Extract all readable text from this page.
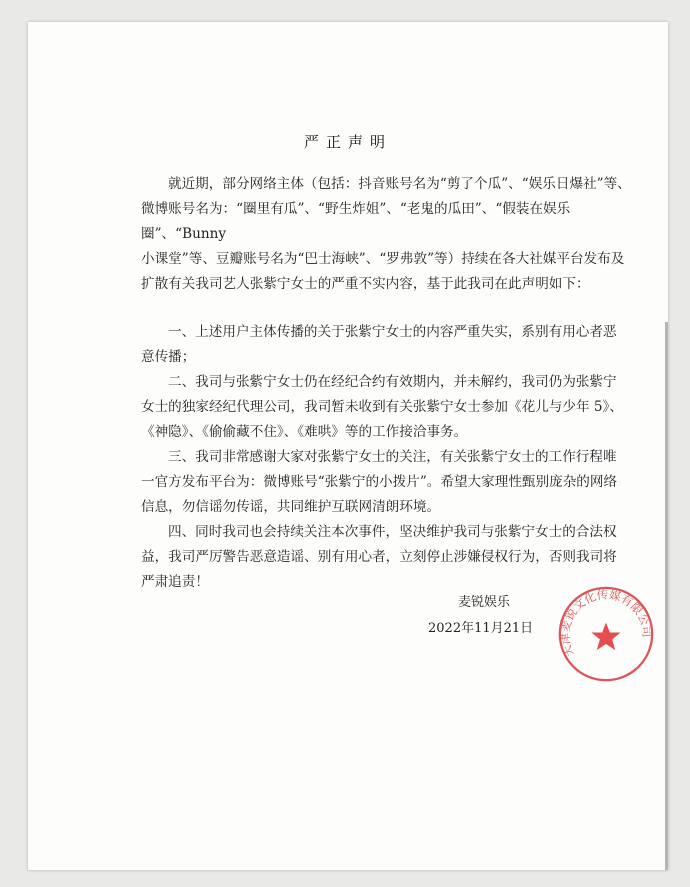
严正声明
就近期，部分网络主体（包括：抖音账号名为“剪了个瓜”、“娱乐日爆社”等、
微博账号名为：“圈里有瓜”、“野生炸姐”、“老鬼的瓜田”、“假装在娱乐圈”、“Bunny
小课堂”等、豆瓣账号名为“巴士海峡”、“罗弗敦”等）持续在各大社媒平台发布及
扩散有关我司艺人张紫宁女士的严重不实内容，基于此我司在此声明如下：
一、上述用户主体传播的关于张紫宁女士的内容严重失实，系别有用心者恶
意传播；
二、我司与张紫宁女士仍在经纪合约有效期内，并未解约，我司仍为张紫宁
女士的独家经纪代理公司，我司暂未收到有关张紫宁女士参加《花儿与少年 5》、
《神隐》、《偷偷藏不住》、《难哄》等的工作接洽事务。
三、我司非常感谢大家对张紫宁女士的关注，有关张紫宁女士的工作行程唯
一官方发布平台为：微博账号“张紫宁的小拨片”。希望大家理性甄别庞杂的网络
信息，勿信谣勿传谣，共同维护互联网清朗环境。
四、同时我司也会持续关注本次事件，坚决维护我司与张紫宁女士的合法权
益，我司严厉警告恶意造谣、别有用心者，立刻停止涉嫌侵权行为，否则我司将
严肃追责！
天津麦锐文化传媒有限公司
麦锐娱乐
2022年11月21日
